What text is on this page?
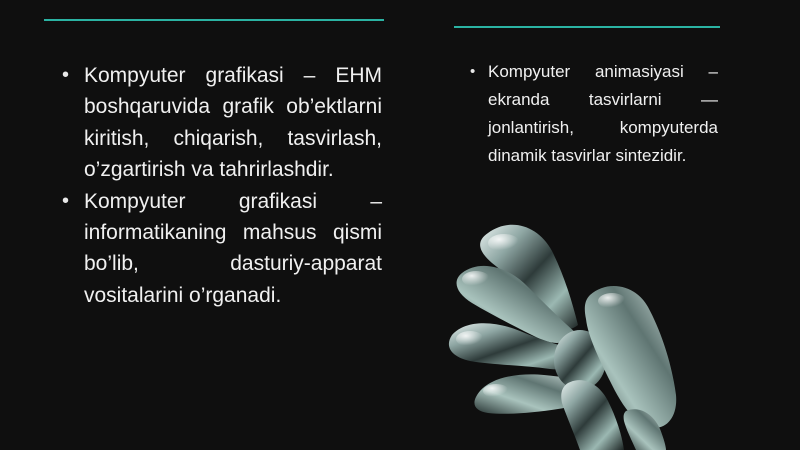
• Kompyuter grafikasi – EHM boshqaruvida grafik ob’ektlarni kiritish, chiqarish, tasvirlash, o’zgartirish va tahrirlashdir.
• Kompyuter grafikasi – informatikaning mahsus qismi bo’lib, dasturiy-apparat vositalarini o’rganadi.
• Kompyuter animasiyasi – ekranda tasvirlarni —jonlantirish, kompyuterda dinamik tasvirlar sintezidir.
